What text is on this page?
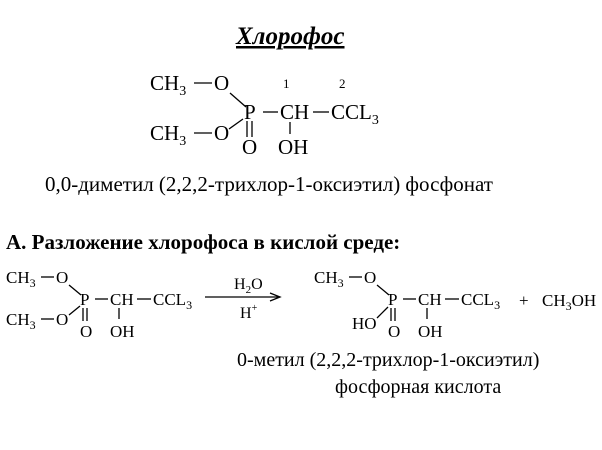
Хлорофос
$CH_3$ O
P CH $CCL_3$
1	2
$CH_3$ O
O OH
0,0-диметил (2,2,2-трихлор-1-оксиэтил) фосфонат
А. Разложение хлорофоса в кислой среде:
$CH_3$ O
P CH $CCL_3$
$CH_3$ O
O OH
$H_2O$
H+
$CH_3$ O
P CH $CCL_3$
HO O OH
+ $CH_3OH$
0-метил (2,2,2-трихлор-1-оксиэтил)
фосфорная кислота
